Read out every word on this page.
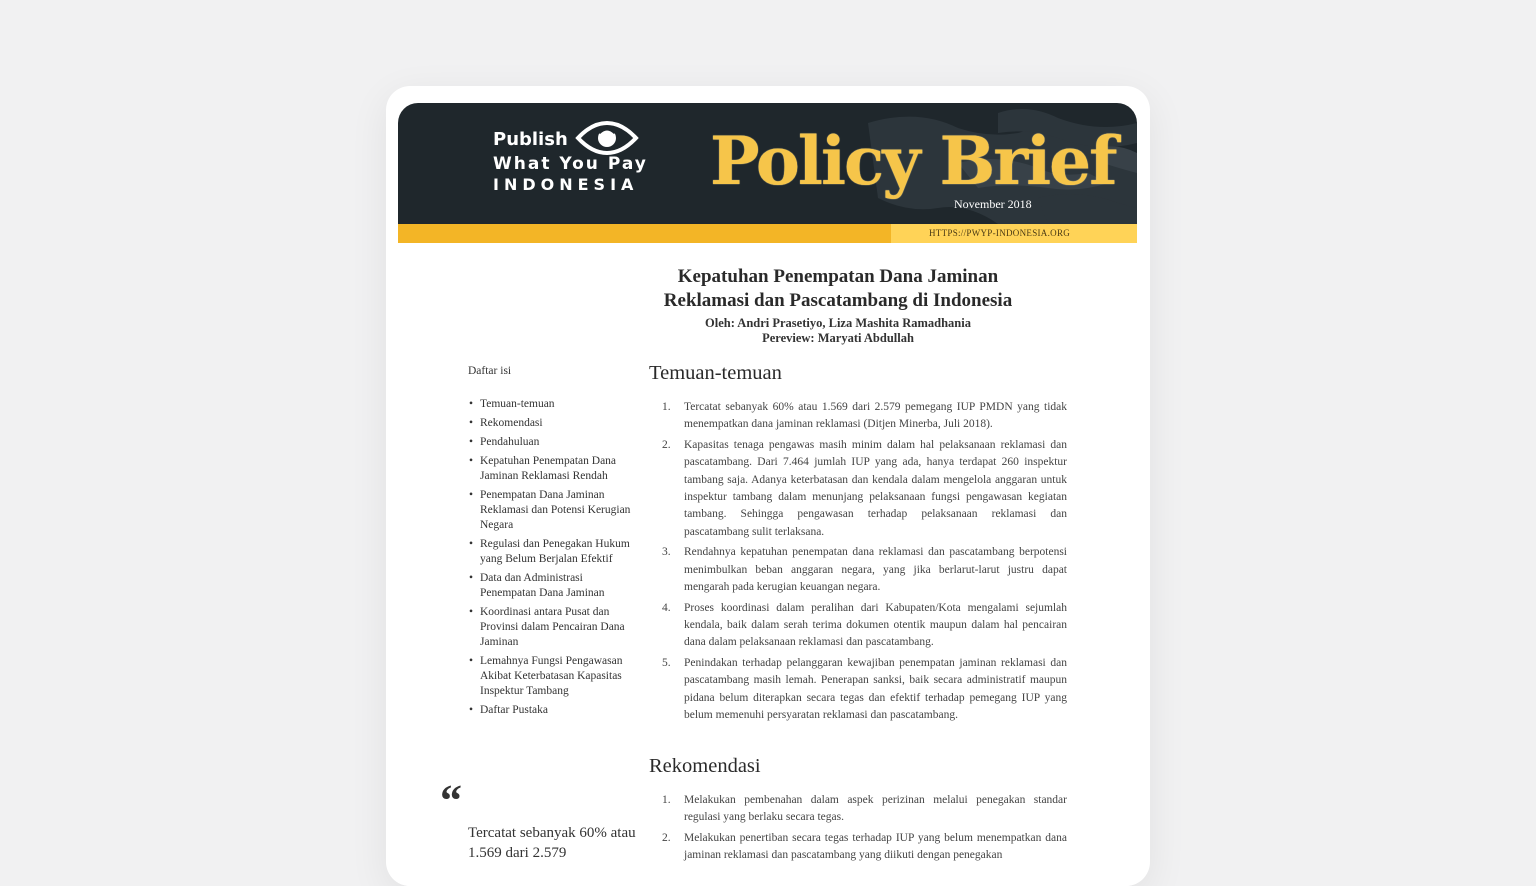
Publish
What You Pay
INDONESIA Policy Brief
November 2018
HTTPS://PWYP-INDONESIA.ORG
Kepatuhan Penempatan Dana Jaminan
Reklamasi dan Pascatambang di Indonesia
Oleh: Andri Prasetiyo, Liza Mashita Ramadhania
Pereview: Maryati Abdullah
Daftar isi
• Temuan-temuan
• Rekomendasi
• Pendahuluan
• Kepatuhan Penempatan Dana Jaminan Reklamasi Rendah
• Penempatan Dana Jaminan Reklamasi dan Potensi Kerugian Negara
• Regulasi dan Penegakan Hukum yang Belum Berjalan Efektif
• Data dan Administrasi Penempatan Dana Jaminan
• Koordinasi antara Pusat dan Provinsi dalam Pencairan Dana Jaminan
• Lemahnya Fungsi Pengawasan Akibat Keterbatasan Kapasitas Inspektur Tambang
• Daftar Pustaka
“
Tercatat sebanyak 60% atau 1.569 dari 2.579
Temuan-temuan
1. Tercatat sebanyak 60% atau 1.569 dari 2.579 pemegang IUP PMDN yang tidak menempatkan dana jaminan reklamasi (Ditjen Minerba, Juli 2018).
2. Kapasitas tenaga pengawas masih minim dalam hal pelaksanaan reklamasi dan pascatambang. Dari 7.464 jumlah IUP yang ada, hanya terdapat 260 inspektur tambang saja. Adanya keterbatasan dan kendala dalam mengelola anggaran untuk inspektur tambang dalam menunjang pelaksanaan fungsi pengawasan kegiatan tambang. Sehingga pengawasan terhadap pelaksanaan reklamasi dan pascatambang sulit terlaksana.
3. Rendahnya kepatuhan penempatan dana reklamasi dan pascatambang berpotensi menimbulkan beban anggaran negara, yang jika berlarut-larut justru dapat mengarah pada kerugian keuangan negara.
4. Proses koordinasi dalam peralihan dari Kabupaten/Kota mengalami sejumlah kendala, baik dalam serah terima dokumen otentik maupun dalam hal pencairan dana dalam pelaksanaan reklamasi dan pascatambang.
5. Penindakan terhadap pelanggaran kewajiban penempatan jaminan reklamasi dan pascatambang masih lemah. Penerapan sanksi, baik secara administratif maupun pidana belum diterapkan secara tegas dan efektif terhadap pemegang IUP yang belum memenuhi persyaratan reklamasi dan pascatambang.
Rekomendasi
1. Melakukan pembenahan dalam aspek perizinan melalui penegakan standar regulasi yang berlaku secara tegas.
2. Melakukan penertiban secara tegas terhadap IUP yang belum menempatkan dana jaminan reklamasi dan pascatambang yang diikuti dengan penegakan
